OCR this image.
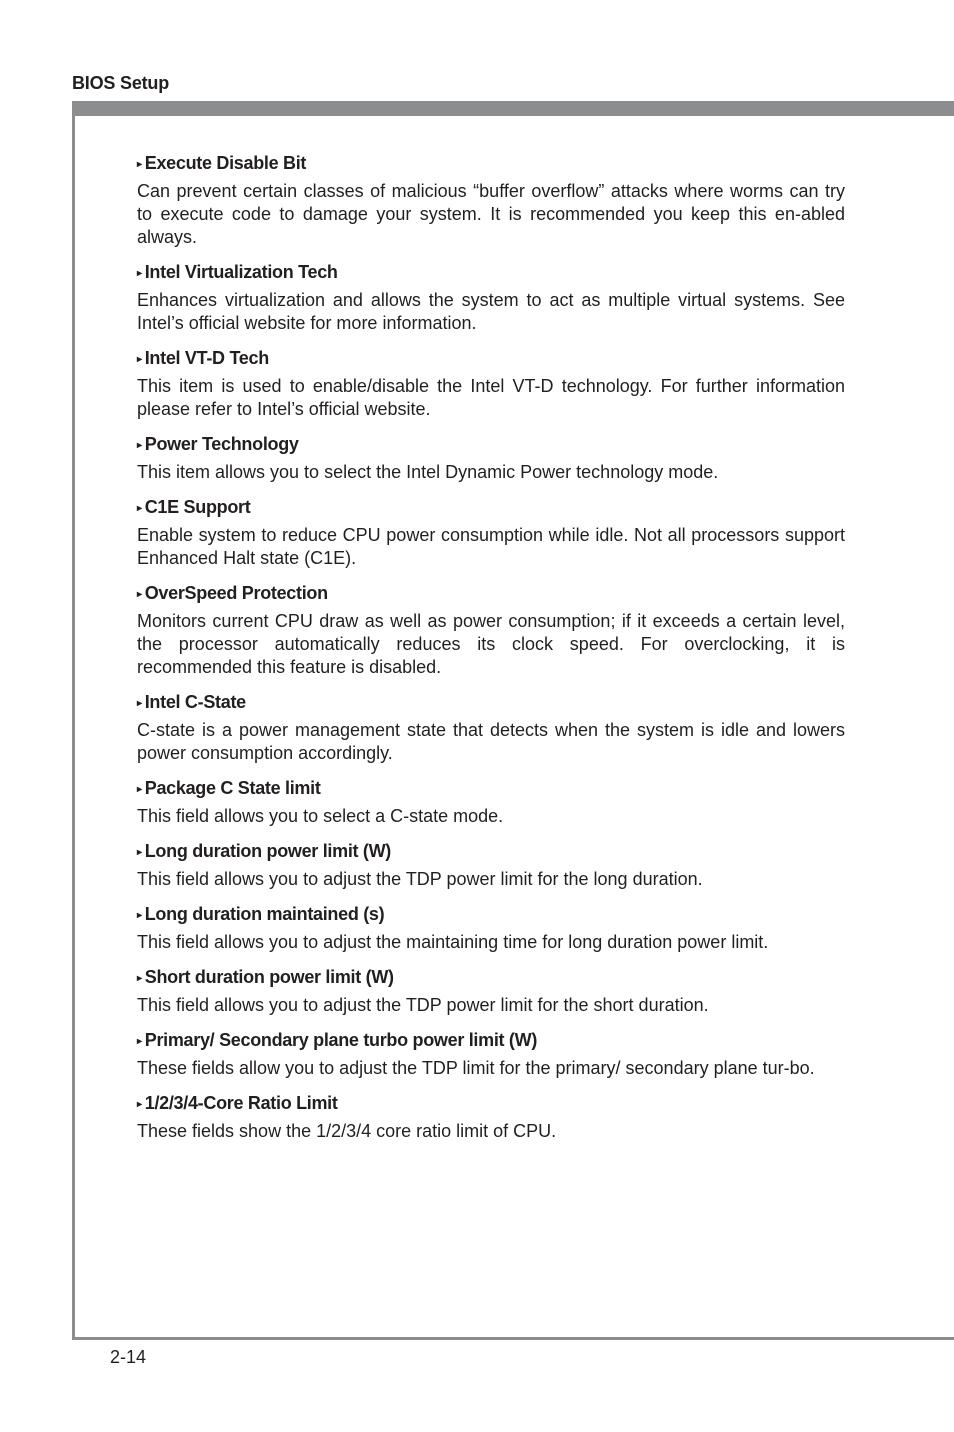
BIOS Setup
▸ Execute Disable Bit

Can prevent certain classes of malicious “buffer overflow” attacks where worms can try to execute code to damage your system. It is recommended you keep this en-abled always.

▸ Intel Virtualization Tech

Enhances virtualization and allows the system to act as multiple virtual systems. See Intel’s official website for more information.

▸ Intel VT-D Tech

This item is used to enable/disable the Intel VT-D technology. For further information please refer to Intel’s official website.

▸ Power Technology

This item allows you to select the Intel Dynamic Power technology mode.

▸ C1E Support

Enable system to reduce CPU power consumption while idle. Not all processors support Enhanced Halt state (C1E).

▸ OverSpeed Protection

Monitors current CPU draw as well as power consumption; if it exceeds a certain level, the processor automatically reduces its clock speed. For overclocking, it is recommended this feature is disabled.

▸ Intel C-State

C-state is a power management state that detects when the system is idle and lowers power consumption accordingly.

▸ Package C State limit

This field allows you to select a C-state mode.

▸ Long duration power limit (W)

This field allows you to adjust the TDP power limit for the long duration.

▸ Long duration maintained (s)

This field allows you to adjust the maintaining time for long duration power limit.

▸ Short duration power limit (W)

This field allows you to adjust the TDP power limit for the short duration.

▸ Primary/ Secondary plane turbo power limit (W)

These fields allow you to adjust the TDP limit for the primary/ secondary plane tur-bo.

▸ 1/2/3/4-Core Ratio Limit

These fields show the 1/2/3/4 core ratio limit of CPU.

2-14
